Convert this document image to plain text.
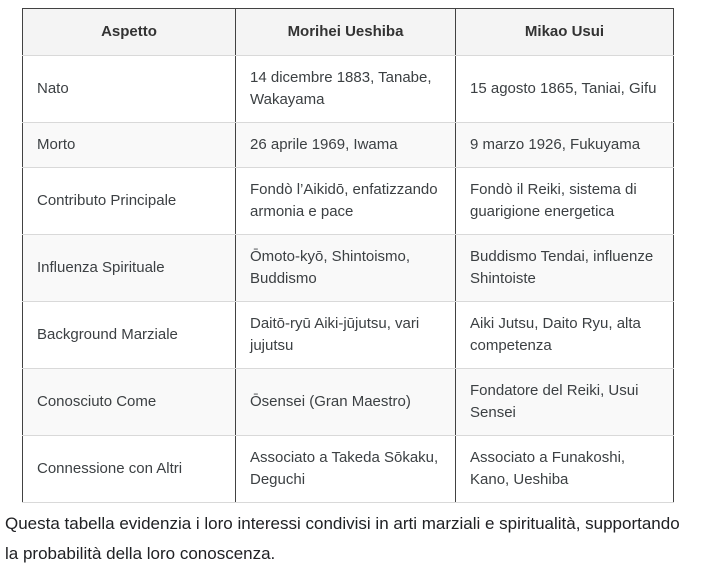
Aspetto	Morihei Ueshiba	Mikao Usui
Nato	14 dicembre 1883, Tanabe, Wakayama	15 agosto 1865, Taniai, Gifu
Morto	26 aprile 1969, Iwama	9 marzo 1926, Fukuyama
Contributo Principale	Fondò l’Aikidō, enfatizzando armonia e pace	Fondò il Reiki, sistema di guarigione energetica
Influenza Spirituale	Ōmoto-kyō, Shintoismo, Buddismo	Buddismo Tendai, influenze Shintoiste
Background Marziale	Daitō-ryū Aiki-jūjutsu, vari jujutsu	Aiki Jutsu, Daito Ryu, alta competenza
Conosciuto Come	Ōsensei (Gran Maestro)	Fondatore del Reiki, Usui Sensei
Connessione con Altri	Associato a Takeda Sōkaku, Deguchi	Associato a Funakoshi, Kano, Ueshiba

Questa tabella evidenzia i loro interessi condivisi in arti marziali e spiritualità, supportando la probabilità della loro conoscenza.
